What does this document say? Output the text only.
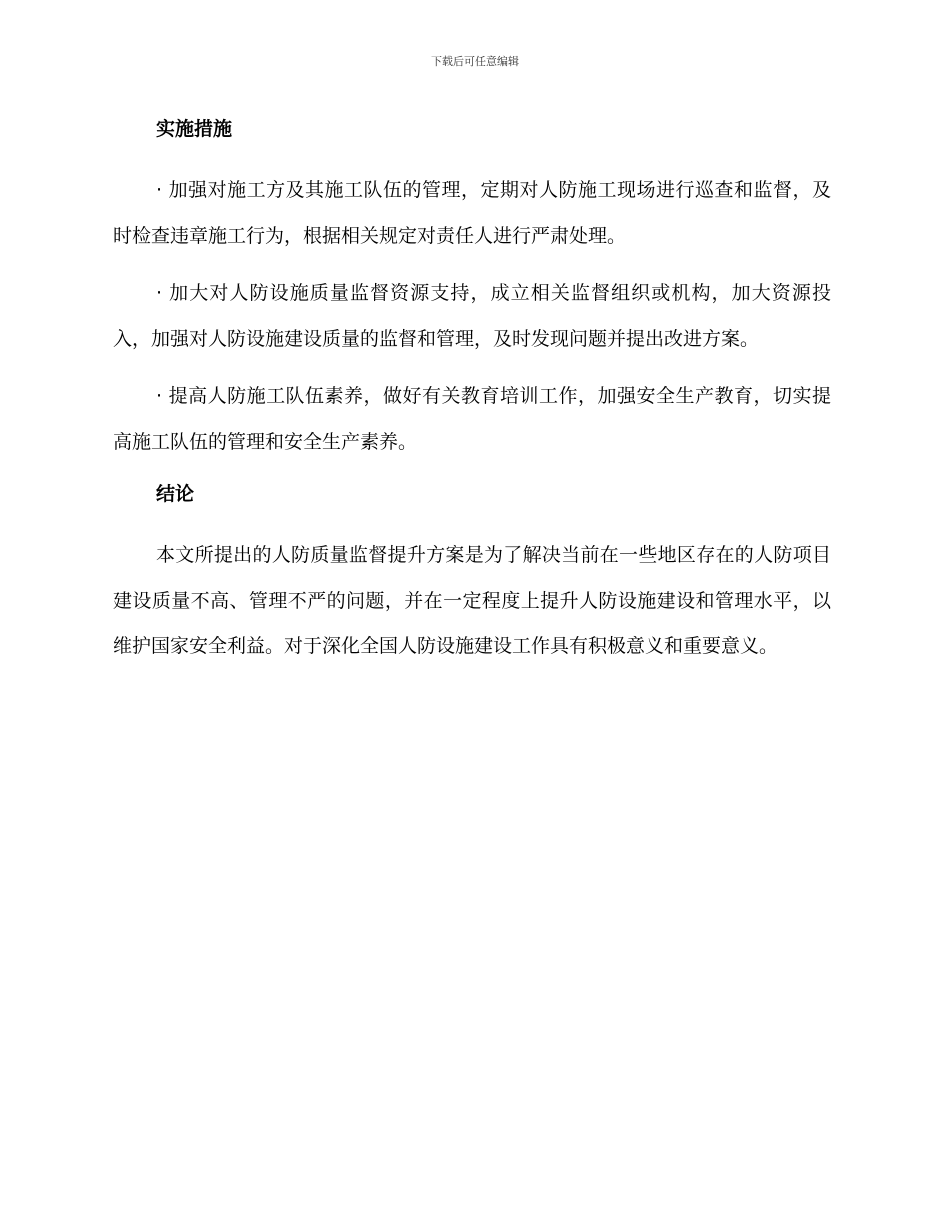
下载后可任意编辑
实施措施

· 加强对施工方及其施工队伍的管理，定期对人防施工现场进行巡查和监督，及时检查违章施工行为，根据相关规定对责任人进行严肃处理。

· 加大对人防设施质量监督资源支持，成立相关监督组织或机构，加大资源投入，加强对人防设施建设质量的监督和管理，及时发现问题并提出改进方案。

· 提高人防施工队伍素养，做好有关教育培训工作，加强安全生产教育，切实提高施工队伍的管理和安全生产素养。

结论

本文所提出的人防质量监督提升方案是为了解决当前在一些地区存在的人防项目建设质量不高、管理不严的问题，并在一定程度上提升人防设施建设和管理水平，以维护国家安全利益。对于深化全国人防设施建设工作具有积极意义和重要意义。
